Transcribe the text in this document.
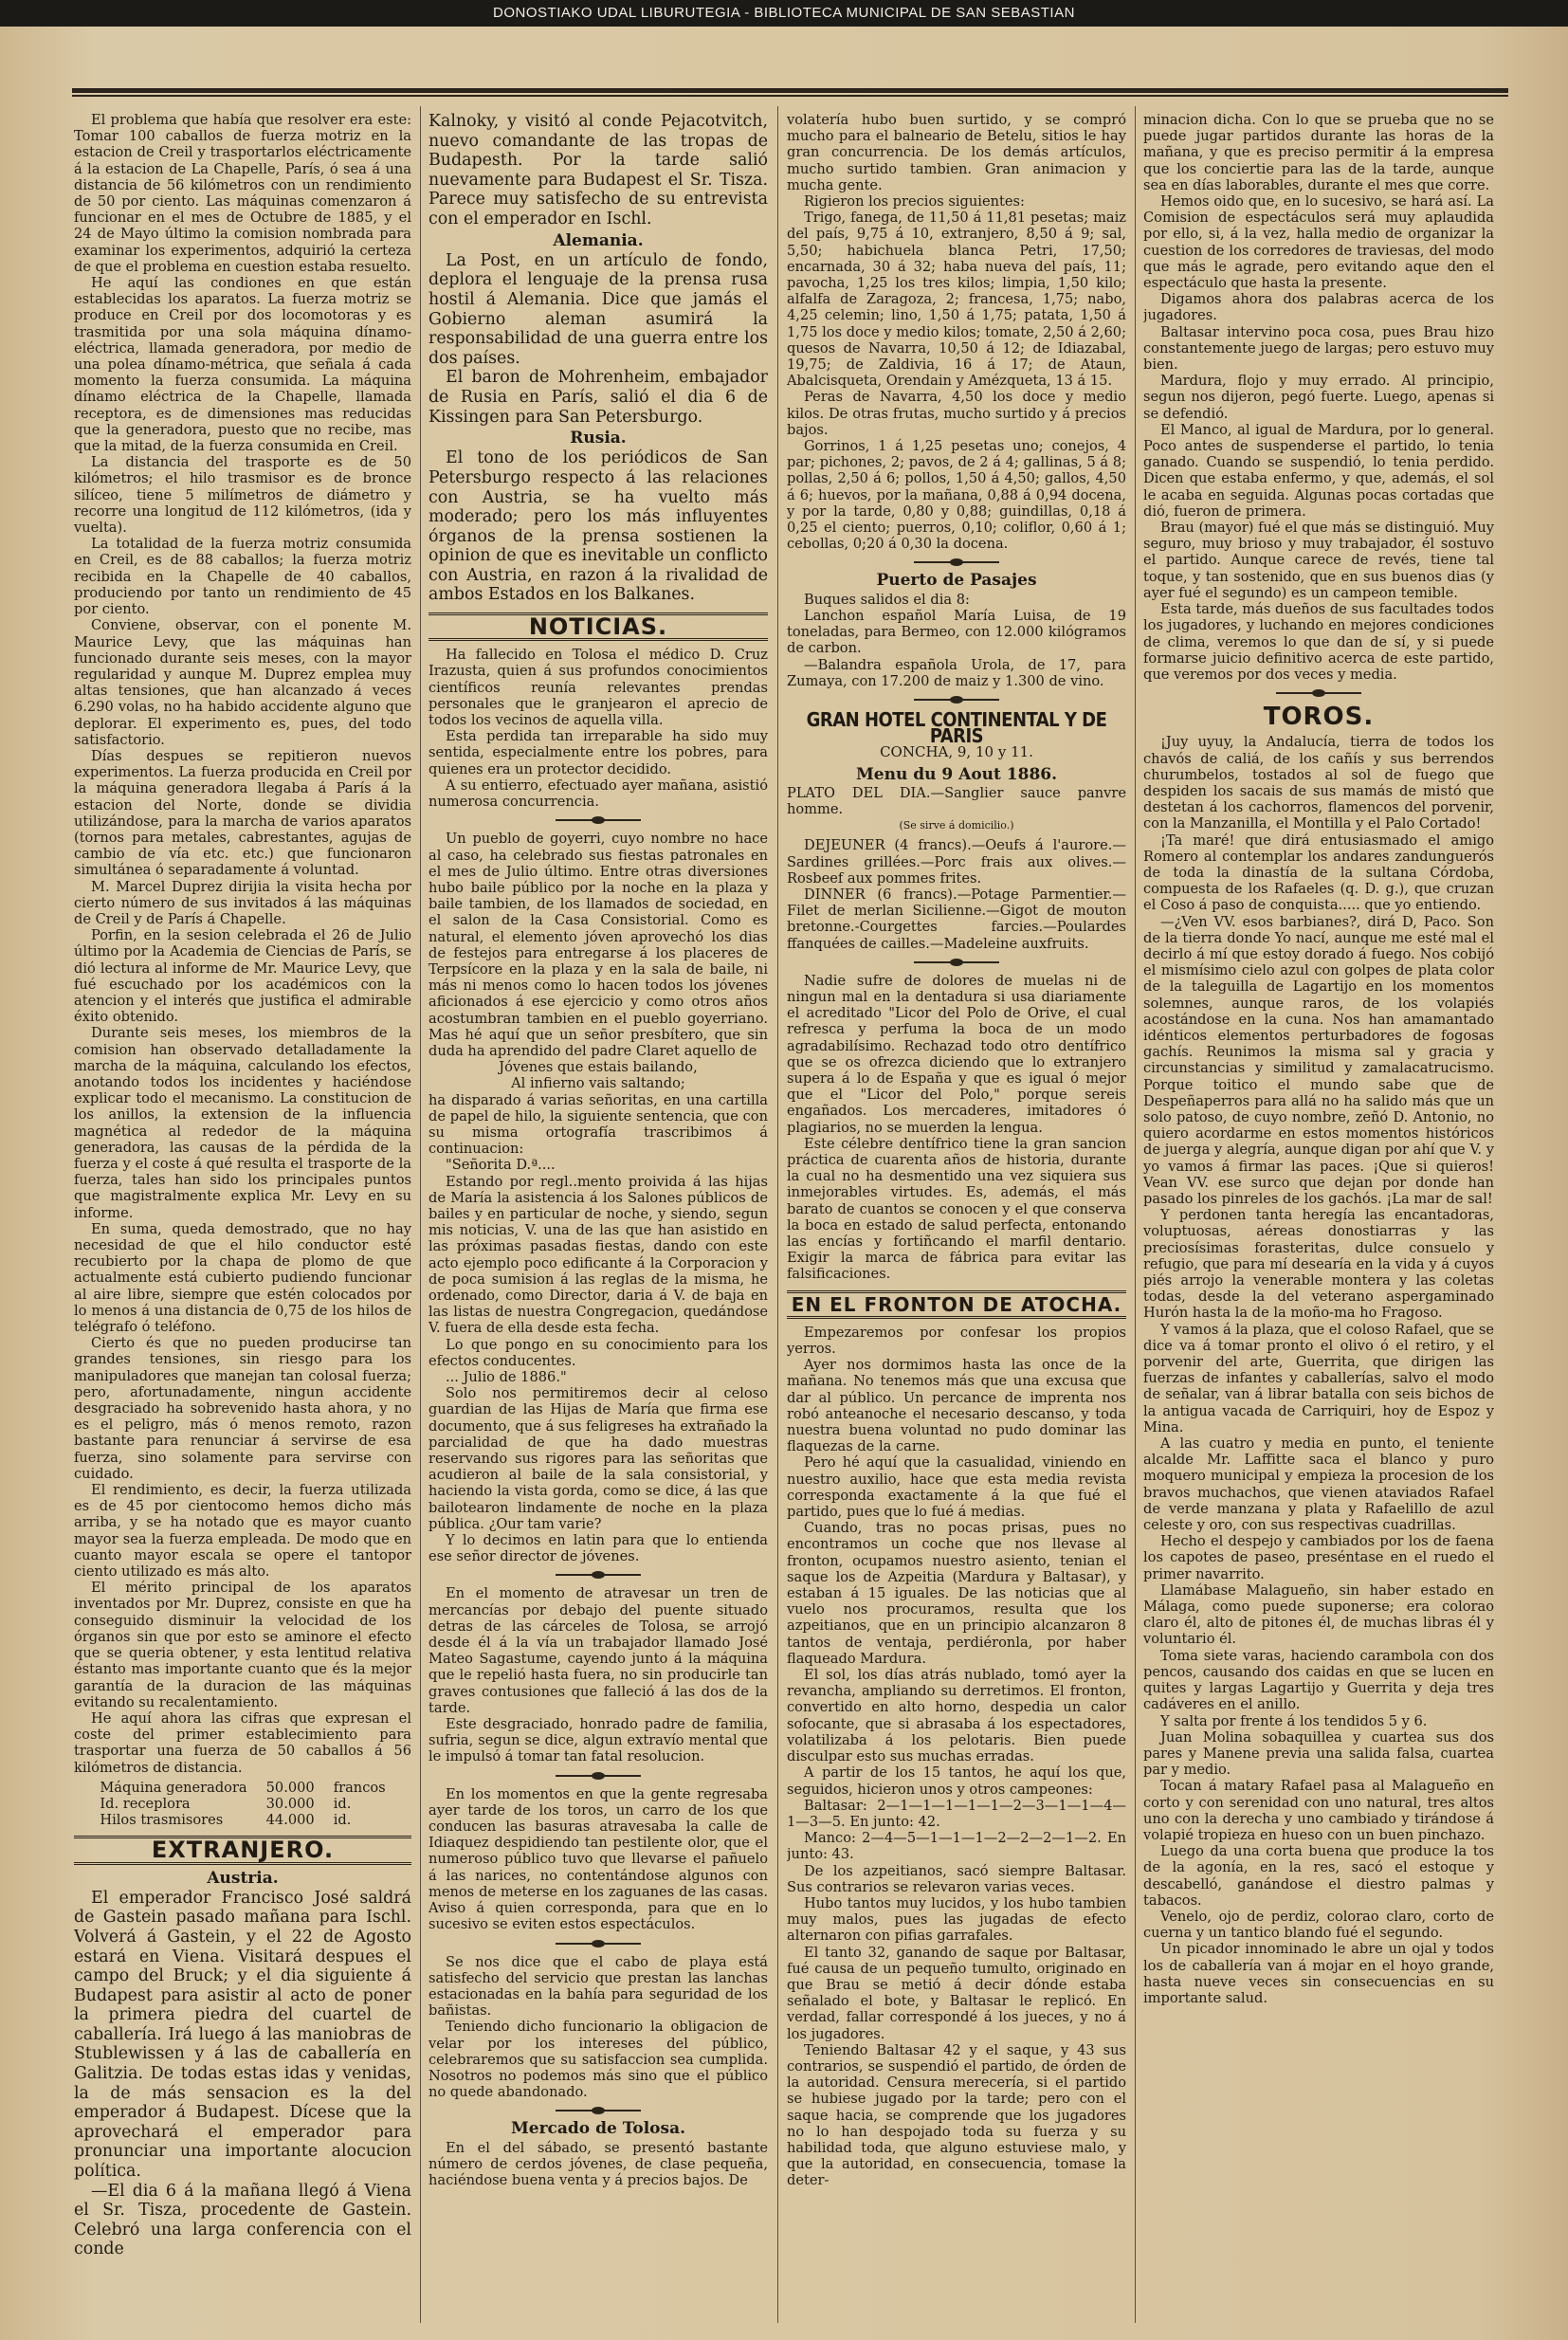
DONOSTIAKO UDAL LIBURUTEGIA - BIBLIOTECA MUNICIPAL DE SAN SEBASTIAN

El problema que había que resolver era este: Tomar 100 caballos de fuerza motriz en la estacion de Creil y trasportarlos eléctricamente á la estacion de La Chapelle, París, ó sea á una distancia de 56 kilómetros con un rendimiento de 50 por ciento. Las máquinas comenzaron á funcionar en el mes de Octubre de 1885, y el 24 de Mayo último la comision nombrada para examinar los experimentos, adquirió la certeza de que el problema en cuestion estaba resuelto.

He aquí las condiones en que están establecidas los aparatos. La fuerza motriz se produce en Creil por dos locomotoras y es trasmitida por una sola máquina dínamo-eléctrica, llamada generadora, por medio de una polea dínamo-métrica, que señala á cada momento la fuerza consumida. La máquina dínamo eléctrica de la Chapelle, llamada receptora, es de dimensiones mas reducidas que la generadora, puesto que no recibe, mas que la mitad, de la fuerza consumida en Creil.

La distancia del trasporte es de 50 kilómetros; el hilo trasmisor es de bronce silíceo, tiene 5 milímetros de diámetro y recorre una longitud de 112 kilómetros, (ida y vuelta).

La totalidad de la fuerza motriz consumida en Creil, es de 88 caballos; la fuerza motriz recibida en la Chapelle de 40 caballos, produciendo por tanto un rendimiento de 45 por ciento.

Conviene, observar, con el ponente M. Maurice Levy, que las máquinas han funcionado durante seis meses, con la mayor regularidad y aunque M. Duprez emplea muy altas tensiones, que han alcanzado á veces 6.290 volas, no ha habido accidente alguno que deplorar. El experimento es, pues, del todo satisfactorio.

Días despues se repitieron nuevos experimentos. La fuerza producida en Creil por la máquina generadora llegaba á París á la estacion del Norte, donde se dividia utilizándose, para la marcha de varios aparatos (tornos para metales, cabrestantes, agujas de cambio de vía etc. etc.) que funcionaron simultánea ó separadamente á voluntad.

M. Marcel Duprez dirijia la visita hecha por cierto número de sus invitados á las máquinas de Creil y de París á Chapelle.

Porfin, en la sesion celebrada el 26 de Julio último por la Academia de Ciencias de París, se dió lectura al informe de Mr. Maurice Levy, que fué escuchado por los académicos con la atencion y el interés que justifica el admirable éxito obtenido.

Durante seis meses, los miembros de la comision han observado detalladamente la marcha de la máquina, calculando los efectos, anotando todos los incidentes y haciéndose explicar todo el mecanismo. La constitucion de los anillos, la extension de la influencia magnética al rededor de la máquina generadora, las causas de la pérdida de la fuerza y el coste á qué resulta el trasporte de la fuerza, tales han sido los principales puntos que magistralmente explica Mr. Levy en su informe.

En suma, queda demostrado, que no hay necesidad de que el hilo conductor esté recubierto por la chapa de plomo de que actualmente está cubierto pudiendo funcionar al aire libre, siempre que estén colocados por lo menos á una distancia de 0,75 de los hilos de telégrafo ó teléfono.

Cierto és que no pueden producirse tan grandes tensiones, sin riesgo para los manipuladores que manejan tan colosal fuerza; pero, afortunadamente, ningun accidente desgraciado ha sobrevenido hasta ahora, y no es el peligro, más ó menos remoto, razon bastante para renunciar á servirse de esa fuerza, sino solamente para servirse con cuidado.

El rendimiento, es decir, la fuerza utilizada es de 45 por cientocomo hemos dicho más arriba, y se ha notado que es mayor cuanto mayor sea la fuerza empleada. De modo que en cuanto mayor escala se opere el tantopor ciento utilizado es más alto.

El mérito principal de los aparatos inventados por Mr. Duprez, consiste en que ha conseguido disminuir la velocidad de los órganos sin que por esto se aminore el efecto que se queria obtener, y esta lentitud relativa éstanto mas importante cuanto que és la mejor garantía de la duracion de las máquinas evitando su recalentamiento.

He aquí ahora las cifras que expresan el coste del primer establecimiento para trasportar una fuerza de 50 caballos á 56 kilómetros de distancia.

Máquina generadora	50.000	francos
Id. receplora	30.000	id.
Hilos trasmisores	44.000	id.
EXTRANJERO.
Austria.

El emperador Francisco José saldrá de Gastein pasado mañana para Ischl. Volverá á Gastein, y el 22 de Agosto estará en Viena. Visitará despues el campo del Bruck; y el dia siguiente á Budapest para asistir al acto de poner la primera piedra del cuartel de caballería. Irá luego á las maniobras de Stublewissen y á las de caballería en Galitzia. De todas estas idas y venidas, la de más sensacion es la del emperador á Budapest. Dícese que la aprovechará el emperador para pronunciar una importante alocucion política.

—El dia 6 á la mañana llegó á Viena el Sr. Tisza, procedente de Gastein. Celebró una larga conferencia con el conde

Kalnoky, y visitó al conde Pejacotvitch, nuevo comandante de las tropas de Budapesth. Por la tarde salió nuevamente para Budapest el Sr. Tisza. Parece muy satisfecho de su entrevista con el emperador en Ischl.

Alemania.

La Post, en un artículo de fondo, deplora el lenguaje de la prensa rusa hostil á Alemania. Dice que jamás el Gobierno aleman asumirá la responsabilidad de una guerra entre los dos países.

El baron de Mohrenheim, embajador de Rusia en París, salió el dia 6 de Kissingen para San Petersburgo.

Rusia.

El tono de los periódicos de San Petersburgo respecto á las relaciones con Austria, se ha vuelto más moderado; pero los más influyentes órganos de la prensa sostienen la opinion de que es inevitable un conflicto con Austria, en razon á la rivalidad de ambos Estados en los Balkanes.

NOTICIAS.

Ha fallecido en Tolosa el médico D. Cruz Irazusta, quien á sus profundos conocimientos científicos reunía relevantes prendas personales que le granjearon el aprecio de todos los vecinos de aquella villa.

Esta perdida tan irreparable ha sido muy sentida, especialmente entre los pobres, para quienes era un protector decidido.

A su entierro, efectuado ayer mañana, asistió numerosa concurrencia.

Un pueblo de goyerri, cuyo nombre no hace al caso, ha celebrado sus fiestas patronales en el mes de Julio último. Entre otras diversiones hubo baile público por la noche en la plaza y baile tambien, de los llamados de sociedad, en el salon de la Casa Consistorial. Como es natural, el elemento jóven aprovechó los dias de festejos para entregarse á los placeres de Terpsícore en la plaza y en la sala de baile, ni más ni menos como lo hacen todos los jóvenes aficionados á ese ejercicio y como otros años acostumbran tambien en el pueblo goyerriano. Mas hé aquí que un señor presbítero, que sin duda ha aprendido del padre Claret aquello de

Jóvenes que estais bailando,

Al infierno vais saltando;

ha disparado á varias señoritas, en una cartilla de papel de hilo, la siguiente sentencia, que con su misma ortografía trascribimos á continuacion:

"Señorita D.ª....

Estando por regl..mento proivida á las hijas de María la asistencia á los Salones públicos de bailes y en particular de noche, y siendo, segun mis noticias, V. una de las que han asistido en las próximas pasadas fiestas, dando con este acto ejemplo poco edificante á la Corporacion y de poca sumision á las reglas de la misma, he ordenado, como Director, daria á V. de baja en las listas de nuestra Congregacion, quedándose V. fuera de ella desde esta fecha.

Lo que pongo en su conocimiento para los efectos conducentes.

... Julio de 1886."

Solo nos permitiremos decir al celoso guardian de las Hijas de María que firma ese documento, que á sus feligreses ha extrañado la parcialidad de que ha dado muestras reservando sus rigores para las señoritas que acudieron al baile de la sala consistorial, y haciendo la vista gorda, como se dice, á las que bailotearon lindamente de noche en la plaza pública. ¿Our tam varie?

Y lo decimos en latin para que lo entienda ese señor director de jóvenes.

En el momento de atravesar un tren de mercancías por debajo del puente situado detras de las cárceles de Tolosa, se arrojó desde él á la vía un trabajador llamado José Mateo Sagastume, cayendo junto á la máquina que le repelió hasta fuera, no sin producirle tan graves contusiones que falleció á las dos de la tarde.

Este desgraciado, honrado padre de familia, sufria, segun se dice, algun extravío mental que le impulsó á tomar tan fatal resolucion.

En los momentos en que la gente regresaba ayer tarde de los toros, un carro de los que conducen las basuras atravesaba la calle de Idiaquez despidiendo tan pestilente olor, que el numeroso público tuvo que llevarse el pañuelo á las narices, no contentándose algunos con menos de meterse en los zaguanes de las casas. Aviso á quien corresponda, para que en lo sucesivo se eviten estos espectáculos.

Se nos dice que el cabo de playa está satisfecho del servicio que prestan las lanchas estacionadas en la bahía para seguridad de los bañistas.

Teniendo dicho funcionario la obligacion de velar por los intereses del público, celebraremos que su satisfaccion sea cumplida. Nosotros no podemos más sino que el público no quede abandonado.

Mercado de Tolosa.

En el del sábado, se presentó bastante número de cerdos jóvenes, de clase pequeña, haciéndose buena venta y á precios bajos. De

volatería hubo buen surtido, y se compró mucho para el balneario de Betelu, sitios le hay gran concurrencia. De los demás artículos, mucho surtido tambien. Gran animacion y mucha gente.

Rigieron los precios siguientes:

Trigo, fanega, de 11,50 á 11,81 pesetas; maiz del país, 9,75 á 10, extranjero, 8,50 á 9; sal, 5,50; habichuela blanca Petri, 17,50; encarnada, 30 á 32; haba nueva del país, 11; pavocha, 1,25 los tres kilos; limpia, 1,50 kilo; alfalfa de Zaragoza, 2; francesa, 1,75; nabo, 4,25 celemin; lino, 1,50 á 1,75; patata, 1,50 á 1,75 los doce y medio kilos; tomate, 2,50 á 2,60; quesos de Navarra, 10,50 á 12; de Idiazabal, 19,75; de Zaldivia, 16 á 17; de Ataun, Abalcisqueta, Orendain y Amézqueta, 13 á 15.

Peras de Navarra, 4,50 los doce y medio kilos. De otras frutas, mucho surtido y á precios bajos.

Gorrinos, 1 á 1,25 pesetas uno; conejos, 4 par; pichones, 2; pavos, de 2 á 4; gallinas, 5 á 8; pollas, 2,50 á 6; pollos, 1,50 á 4,50; gallos, 4,50 á 6; huevos, por la mañana, 0,88 á 0,94 docena, y por la tarde, 0,80 y 0,88; guindillas, 0,18 á 0,25 el ciento; puerros, 0,10; coliflor, 0,60 á 1; cebollas, 0;20 á 0,30 la docena.

Puerto de Pasajes

Buques salidos el dia 8:

Lanchon español María Luisa, de 19 toneladas, para Bermeo, con 12.000 kilógramos de carbon.

—Balandra española Urola, de 17, para Zumaya, con 17.200 de maiz y 1.300 de vino.

GRAN HOTEL CONTINENTAL Y DE PARIS
CONCHA, 9, 10 y 11.
Menu du 9 Aout 1886.

PLATO DEL DIA.—Sanglier sauce panvre homme.

(Se sirve á domicilio.)

DEJEUNER (4 francs).—Oeufs á l'aurore.—Sardines grillées.—Porc frais aux olives.—Rosbeef aux pommes frites.

DINNER (6 francs).—Potage Parmentier.—Filet de merlan Sicilienne.—Gigot de mouton bretonne.-Courgettes farcies.—Poulardes ffanquées de cailles.—Madeleine auxfruits.

Nadie sufre de dolores de muelas ni de ningun mal en la dentadura si usa diariamente el acreditado "Licor del Polo de Orive, el cual refresca y perfuma la boca de un modo agradabilísimo. Rechazad todo otro dentífrico que se os ofrezca diciendo que lo extranjero supera á lo de España y que es igual ó mejor que el "Licor del Polo," porque sereis engañados. Los mercaderes, imitadores ó plagiarios, no se muerden la lengua.

Este célebre dentífrico tiene la gran sancion práctica de cuarenta años de historia, durante la cual no ha desmentido una vez siquiera sus inmejorables virtudes. Es, además, el más barato de cuantos se conocen y el que conserva la boca en estado de salud perfecta, entonando las encías y fortiñcando el marfil dentario. Exigir la marca de fábrica para evitar las falsificaciones.

EN EL FRONTON DE ATOCHA.

Empezaremos por confesar los propios yerros.

Ayer nos dormimos hasta las once de la mañana. No tenemos más que una excusa que dar al público. Un percance de imprenta nos robó anteanoche el necesario descanso, y toda nuestra buena voluntad no pudo dominar las flaquezas de la carne.

Pero hé aquí que la casualidad, viniendo en nuestro auxilio, hace que esta media revista corresponda exactamente á la que fué el partido, pues que lo fué á medias.

Cuando, tras no pocas prisas, pues no encontramos un coche que nos llevase al fronton, ocupamos nuestro asiento, tenian el saque los de Azpeitia (Mardura y Baltasar), y estaban á 15 iguales. De las noticias que al vuelo nos procuramos, resulta que los azpeitianos, que en un principio alcanzaron 8 tantos de ventaja, perdiéronla, por haber flaqueado Mardura.

El sol, los días atrás nublado, tomó ayer la revancha, ampliando su derretimos. El fronton, convertido en alto horno, despedia un calor sofocante, que si abrasaba á los espectadores, volatilizaba á los pelotaris. Bien puede disculpar esto sus muchas erradas.

A partir de los 15 tantos, he aquí los que, seguidos, hicieron unos y otros campeones:

Baltasar: 2—1—1—1—1—1—2—3—1—1—4—1—3—5. En junto: 42.

Manco: 2—4—5—1—1—1—2—2—2—1—2. En junto: 43.

De los azpeitianos, sacó siempre Baltasar. Sus contrarios se relevaron varias veces.

Hubo tantos muy lucidos, y los hubo tambien muy malos, pues las jugadas de efecto alternaron con pifias garrafales.

El tanto 32, ganando de saque por Baltasar, fué causa de un pequeño tumulto, originado en que Brau se metió á decir dónde estaba señalado el bote, y Baltasar le replicó. En verdad, fallar correspondé á los jueces, y no á los jugadores.

Teniendo Baltasar 42 y el saque, y 43 sus contrarios, se suspendió el partido, de órden de la autoridad. Censura merecería, si el partido se hubiese jugado por la tarde; pero con el saque hacia, se comprende que los jugadores no lo han despojado toda su fuerza y su habilidad toda, que alguno estuviese malo, y que la autoridad, en consecuencia, tomase la deter-

minacion dicha. Con lo que se prueba que no se puede jugar partidos durante las horas de la mañana, y que es preciso permitir á la empresa que los conciertie para las de la tarde, aunque sea en días laborables, durante el mes que corre.

Hemos oido que, en lo sucesivo, se hará así. La Comision de espectáculos será muy aplaudida por ello, si, á la vez, halla medio de organizar la cuestion de los corredores de traviesas, del modo que más le agrade, pero evitando aque den el espectáculo que hasta la presente.

Digamos ahora dos palabras acerca de los jugadores.

Baltasar intervino poca cosa, pues Brau hizo constantemente juego de largas; pero estuvo muy bien.

Mardura, flojo y muy errado. Al principio, segun nos dijeron, pegó fuerte. Luego, apenas si se defendió.

El Manco, al igual de Mardura, por lo general. Poco antes de suspenderse el partido, lo tenia ganado. Cuando se suspendió, lo tenia perdido. Dicen que estaba enfermo, y que, además, el sol le acaba en seguida. Algunas pocas cortadas que dió, fueron de primera.

Brau (mayor) fué el que más se distinguió. Muy seguro, muy brioso y muy trabajador, él sostuvo el partido. Aunque carece de revés, tiene tal toque, y tan sostenido, que en sus buenos dias (y ayer fué el segundo) es un campeon temible.

Esta tarde, más dueños de sus facultades todos los jugadores, y luchando en mejores condiciones de clima, veremos lo que dan de sí, y si puede formarse juicio definitivo acerca de este partido, que veremos por dos veces y media.

TOROS.

¡Juy uyuy, la Andalucía, tierra de todos los chavós de caliá, de los cañís y sus berrendos churumbelos, tostados al sol de fuego que despiden los sacais de sus mamás de mistó que destetan á los cachorros, flamencos del porvenir, con la Manzanilla, el Montilla y el Palo Cortado!

¡Ta maré! que dirá entusiasmado el amigo Romero al contemplar los andares zandunguerós de toda la dinastía de la sultana Córdoba, compuesta de los Rafaeles (q. D. g.), que cruzan el Coso á paso de conquista..... que yo entiendo.

—¿Ven VV. esos barbianes?, dirá D, Paco. Son de la tierra donde Yo nací, aunque me esté mal el decirlo á mí que estoy dorado á fuego. Nos cobijó el mismísimo cielo azul con golpes de plata color de la taleguilla de Lagartijo en los momentos solemnes, aunque raros, de los volapiés acostándose en la cuna. Nos han amamantado idénticos elementos perturbadores de fogosas gachís. Reunimos la misma sal y gracia y circunstancias y similitud y zamalacatrucismo. Porque toitico el mundo sabe que de Despeñaperros para allá no ha salido más que un solo patoso, de cuyo nombre, zeñó D. Antonio, no quiero acordarme en estos momentos históricos de juerga y alegría, aunque digan por ahí que V. y yo vamos á firmar las paces. ¡Que si quieros! Vean VV. ese surco que dejan por donde han pasado los pinreles de los gachós. ¡La mar de sal!

Y perdonen tanta heregía las encantadoras, voluptuosas, aéreas donostiarras y las preciosísimas forasteritas, dulce consuelo y refugio, que para mí desearía en la vida y á cuyos piés arrojo la venerable montera y las coletas todas, desde la del veterano aspergaminado Hurón hasta la de la moño-ma ho Fragoso.

Y vamos á la plaza, que el coloso Rafael, que se dice va á tomar pronto el olivo ó el retiro, y el porvenir del arte, Guerrita, que dirigen las fuerzas de infantes y caballerías, salvo el modo de señalar, van á librar batalla con seis bichos de la antigua vacada de Carriquiri, hoy de Espoz y Mina.

A las cuatro y media en punto, el teniente alcalde Mr. Laffitte saca el blanco y puro moquero municipal y empieza la procesion de los bravos muchachos, que vienen ataviados Rafael de verde manzana y plata y Rafaelillo de azul celeste y oro, con sus respectivas cuadrillas.

Hecho el despejo y cambiados por los de faena los capotes de paseo, preséntase en el ruedo el primer navarrito.

Llamábase Malagueño, sin haber estado en Málaga, como puede suponerse; era colorao claro él, alto de pitones él, de muchas libras él y voluntario él.

Toma siete varas, haciendo carambola con dos pencos, causando dos caidas en que se lucen en quites y largas Lagartijo y Guerrita y deja tres cadáveres en el anillo.

Y salta por frente á los tendidos 5 y 6.

Juan Molina sobaquillea y cuartea sus dos pares y Manene previa una salida falsa, cuartea par y medio.

Tocan á matary Rafael pasa al Malagueño en corto y con serenidad con uno natural, tres altos uno con la derecha y uno cambiado y tirándose á volapié tropieza en hueso con un buen pinchazo.

Luego da una corta buena que produce la tos de la agonía, en la res, sacó el estoque y descabelló, ganándose el diestro palmas y tabacos.

Venelo, ojo de perdiz, colorao claro, corto de cuerna y un tantico blando fué el segundo.

Un picador innominado le abre un ojal y todos los de caballería van á mojar en el hoyo grande, hasta nueve veces sin consecuencias en su importante salud.
